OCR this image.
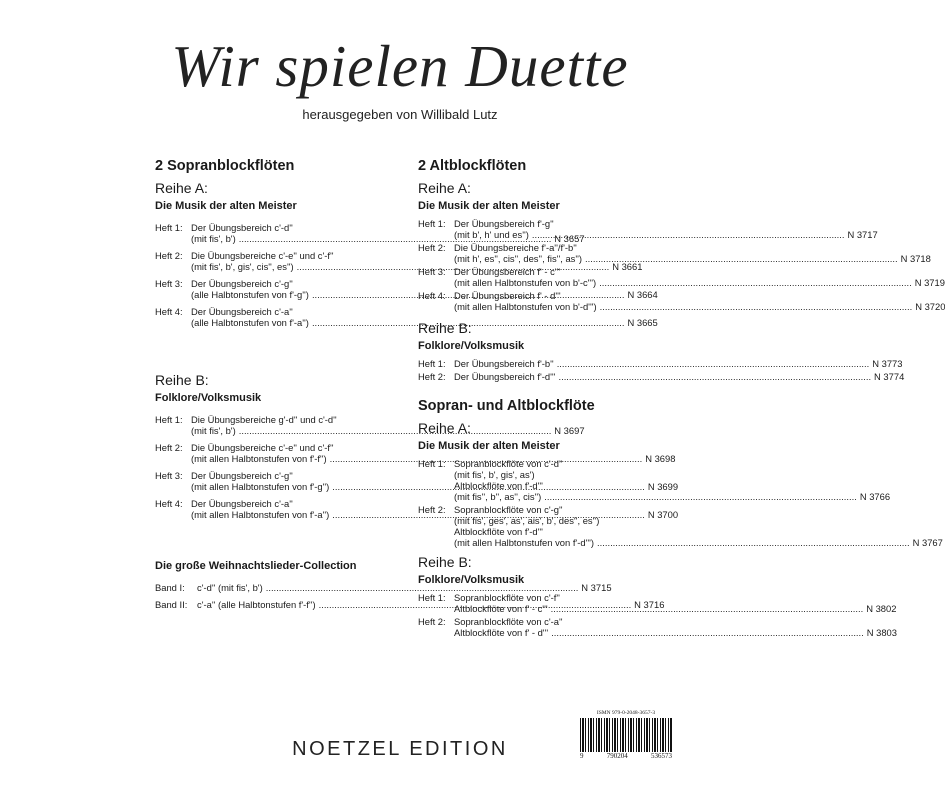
Wir spielen Duette
herausgegeben von Willibald Lutz
2 Sopranblockflöten
Reihe A:
Die Musik der alten Meister
Heft 1: Der Übungsbereich c'-d''
(mit fis', b') .....	N 3657
Heft 2: Die Übungsbereiche c'-e'' und c'-f''
(mit fis', b', gis', cis'', es'') .....	N 3661
Heft 3: Der Übungsbereich c'-g''
(alle Halbtonstufen von f'-g'') .....	N 3664
Heft 4: Der Übungsbereich c'-a''
(alle Halbtonstufen von f'-a'') .....	N 3665
Reihe B:
Folklore/Volksmusik
Heft 1: Die Übungsbereiche g'-d'' und c'-d''
(mit fis', b') .....	N 3697
Heft 2: Die Übungsbereiche c'-e'' und c'-f''
(mit allen Halbtonstufen von f'-f'') .....	N 3698
Heft 3: Der Übungsbereich c'-g''
(mit allen Halbtonstufen von f'-g'') .....	N 3699
Heft 4: Der Übungsbereich c'-a''
(mit allen Halbtonstufen von f'-a'') .....	N 3700
Die große Weihnachtslieder-Collection
Band I:	c'-d'' (mit fis', b') .....	N 3715
Band II:	c'-a'' (alle Halbtonstufen f'-f'') .....	N 3716
2 Altblockflöten
Reihe A:
Die Musik der alten Meister
Heft 1: Der Übungsbereich f'-g''
(mit b', h' und es'') .....	N 3717
Heft 2: Die Übungsbereiche f'-a''/f'-b''
(mit h', es'', cis'', des'', fis'', as'') .....	N 3718
Heft 3: Der Übungsbereich f' - c'''
(mit allen Halbtonstufen von b'-c''') .....	N 3719
Heft 4: Der Übungsbereich f' - d'''
(mit allen Halbtonstufen von b'-d''') .....	N 3720
Reihe B:
Folklore/Volksmusik
Heft 1: Der Übungsbereich f'-b'' .....	N 3773
Heft 2: Der Übungsbereich f'-d''' .....	N 3774
Sopran- und Altblockflöte
Reihe A:
Die Musik der alten Meister
Heft 1: Sopranblockflöte von c'-d''
(mit fis', b', gis', as')
Altblockflöte von f'-d'''
(mit fis'', b'', as'', cis'') .....	N 3766
Heft 2: Sopranblockflöte von c'-g''
(mit fis', ges', as', ais', b', des'', es'')
Altblockflöte von f'-d'''
(mit allen Halbtonstufen von f'-d''') .....	N 3767
Reihe B:
Folklore/Volksmusik
Heft 1: Sopranblockflöte von c'-f''
Altblockflöte von f' - c''' .....	N 3802
Heft 2: Sopranblockflöte von c'-a''
Altblockflöte von f' - d''' .....	N 3803
NOETZEL EDITION
ISMN 979-0-2048-3657-3
9	790204	536573
